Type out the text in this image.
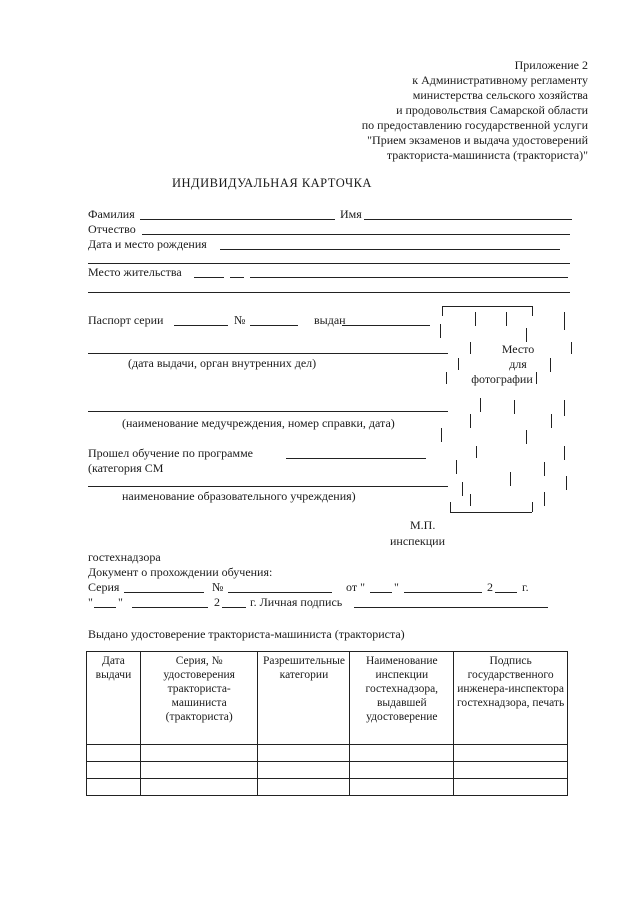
Приложение 2
к Административному регламенту
министерства сельского хозяйства
и продовольствия Самарской области
по предоставлению государственной услуги
"Прием экзаменов и выдача удостоверений
тракториста-машиниста (тракториста)"
ИНДИВИДУАЛЬНАЯ КАРТОЧКА
Фамилия	Имя
Отчество
Дата и место рождения
Место жительства
Место
для
фотографии
Паспорт серии	№	выдан
(дата выдачи, орган внутренних дел)
(наименование медучреждения, номер справки, дата)
Прошел обучение по программе
(категория СМ
наименование образовательного учреждения)
М.П.
инспекции
гостехнадзора
Документ о прохождении обучения:
Серия	№	от " "	2 г.
" "	2	г. Личная подпись
Выдано удостоверение тракториста-машиниста (тракториста)
Дата выдачи	Серия, № удостоверения тракториста-машиниста (тракториста)	Разрешительные категории	Наименование инспекции гостехнадзора, выдавшей удостоверение	Подпись государственного инженера-инспектора гостехнадзора, печать
